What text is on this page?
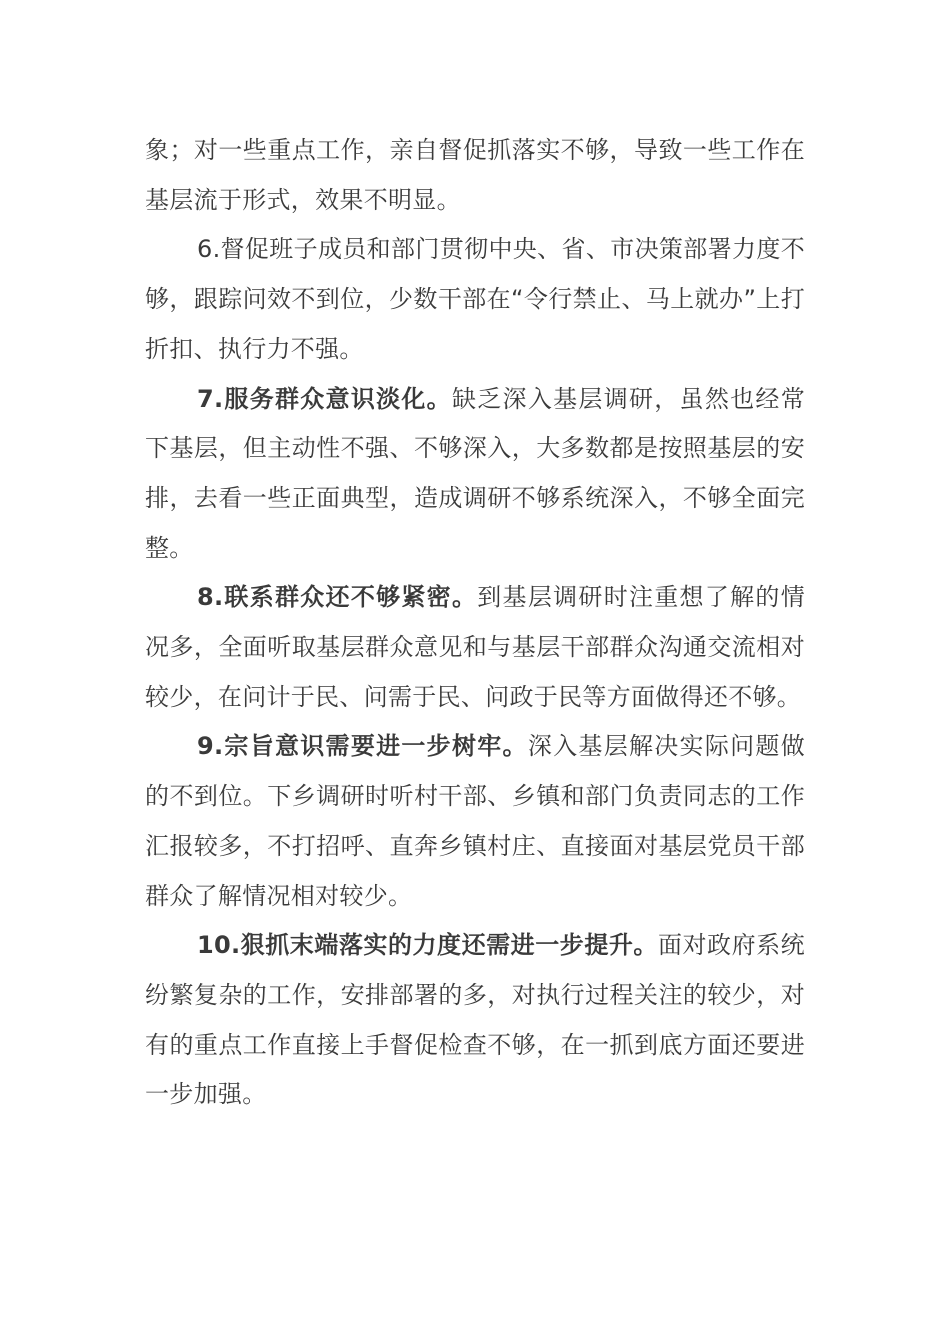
象；对一些重点工作，亲自督促抓落实不够，导致一些工作在基层流于形式，效果不明显。

6.督促班子成员和部门贯彻中央、省、市决策部署力度不够，跟踪问效不到位，少数干部在“令行禁止、马上就办”上打折扣、执行力不强。

7.服务群众意识淡化。缺乏深入基层调研，虽然也经常下基层，但主动性不强、不够深入，大多数都是按照基层的安排，去看一些正面典型，造成调研不够系统深入，不够全面完整。

8.联系群众还不够紧密。到基层调研时注重想了解的情况多，全面听取基层群众意见和与基层干部群众沟通交流相对较少，在问计于民、问需于民、问政于民等方面做得还不够。

9.宗旨意识需要进一步树牢。深入基层解决实际问题做的不到位。下乡调研时听村干部、乡镇和部门负责同志的工作汇报较多，不打招呼、直奔乡镇村庄、直接面对基层党员干部群众了解情况相对较少。

10.狠抓末端落实的力度还需进一步提升。面对政府系统纷繁复杂的工作，安排部署的多，对执行过程关注的较少，对有的重点工作直接上手督促检查不够，在一抓到底方面还要进一步加强。
